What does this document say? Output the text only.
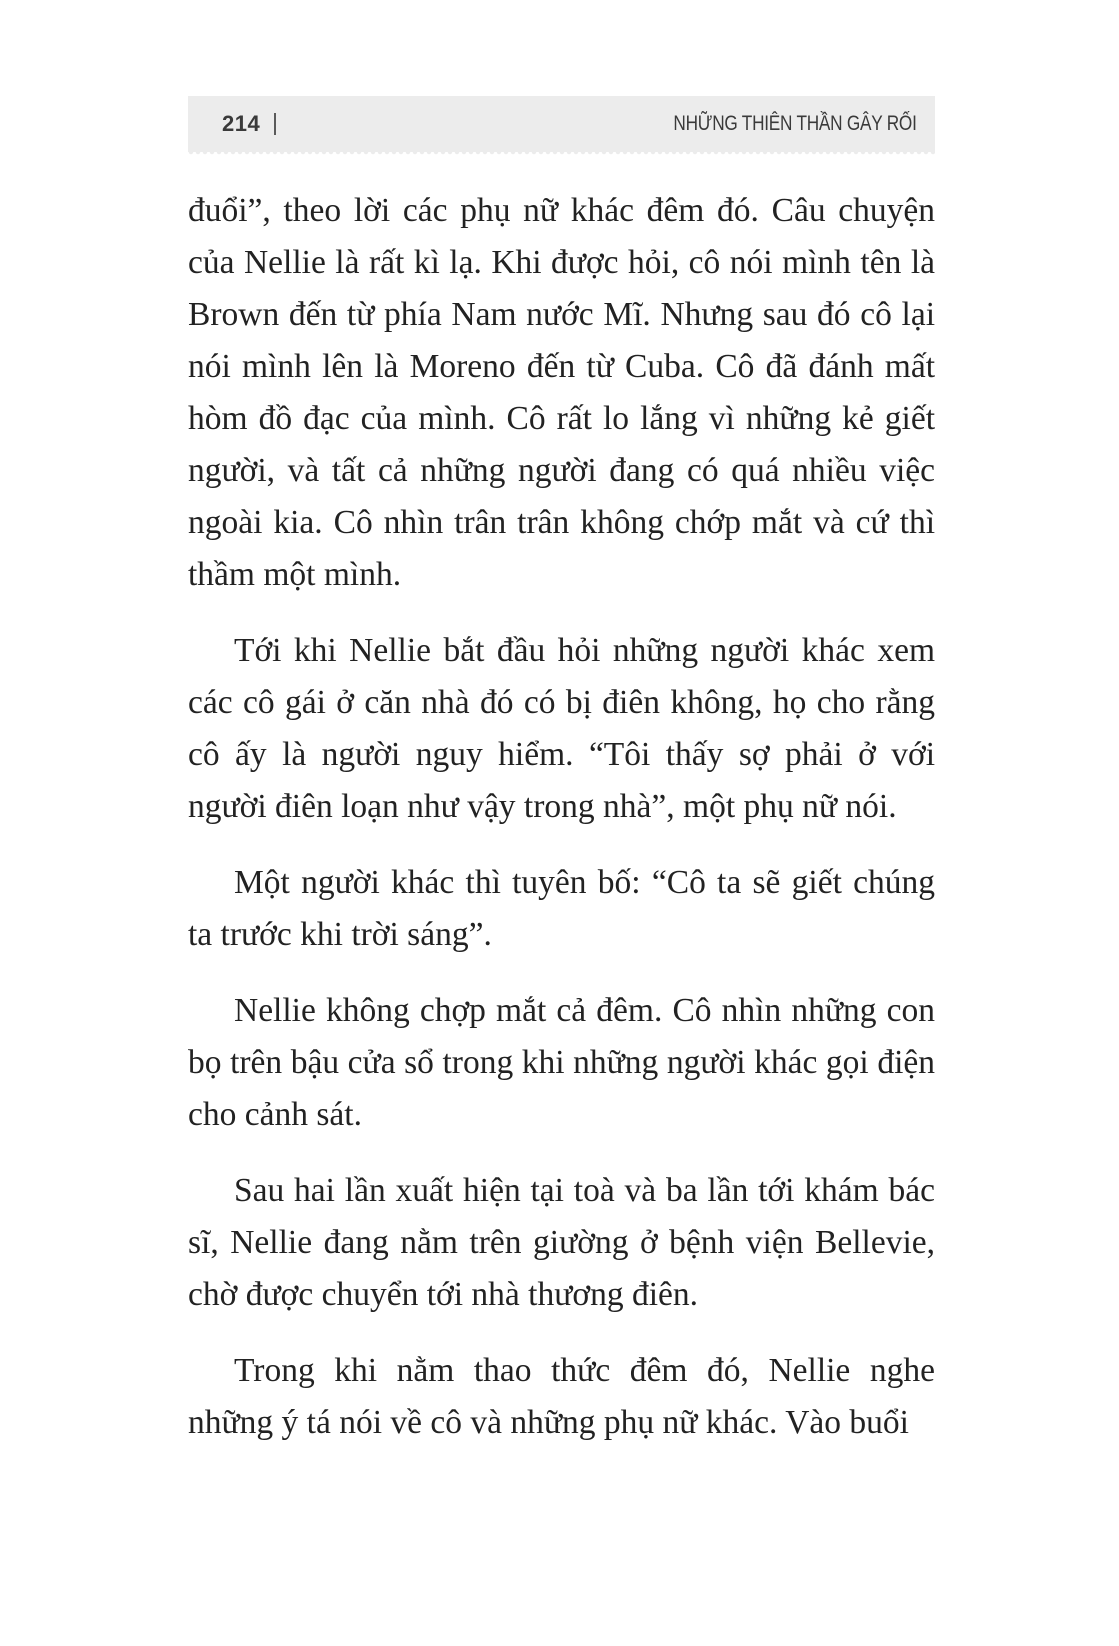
214	NHỮNG THIÊN THẦN GÂY RỐI

đuổi”, theo lời các phụ nữ khác đêm đó. Câu chuyện của Nellie là rất kì lạ. Khi được hỏi, cô nói mình tên là Brown đến từ phía Nam nước Mĩ. Nhưng sau đó cô lại nói mình lên là Moreno đến từ Cuba. Cô đã đánh mất hòm đồ đạc của mình. Cô rất lo lắng vì những kẻ giết người, và tất cả những người đang có quá nhiều việc ngoài kia. Cô nhìn trân trân không chớp mắt và cứ thì thầm một mình.

Tới khi Nellie bắt đầu hỏi những người khác xem các cô gái ở căn nhà đó có bị điên không, họ cho rằng cô ấy là người nguy hiểm. “Tôi thấy sợ phải ở với người điên loạn như vậy trong nhà”, một phụ nữ nói.

Một người khác thì tuyên bố: “Cô ta sẽ giết chúng ta trước khi trời sáng”.

Nellie không chợp mắt cả đêm. Cô nhìn những con bọ trên bậu cửa sổ trong khi những người khác gọi điện cho cảnh sát.

Sau hai lần xuất hiện tại toà và ba lần tới khám bác sĩ, Nellie đang nằm trên giường ở bệnh viện Bellevie, chờ được chuyển tới nhà thương điên.

Trong khi nằm thao thức đêm đó, Nellie nghe những ý tá nói về cô và những phụ nữ khác. Vào buổi
